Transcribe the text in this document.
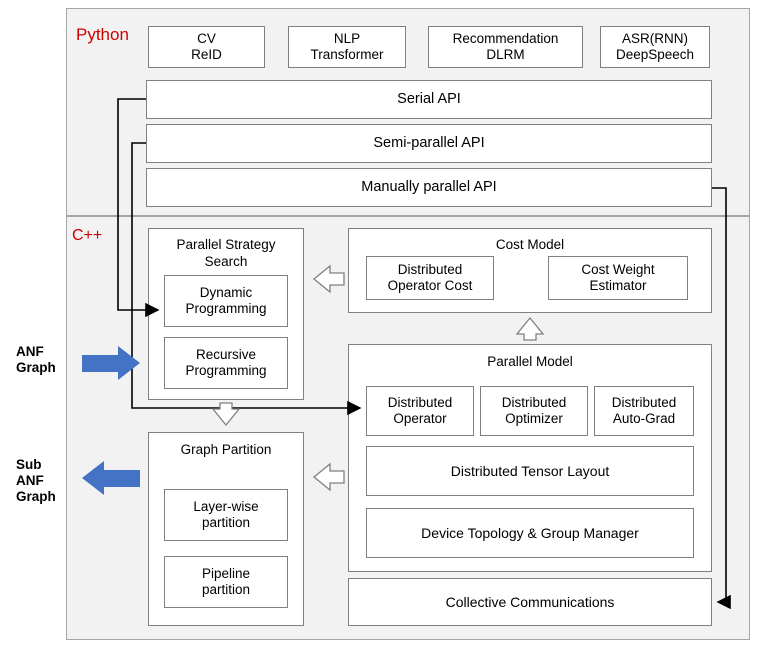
Python	CV
ReID
NLP
Transformer
Recommendation
DLRM
ASR(RNN)
DeepSpeech
Serial API
Semi-parallel API
Manually parallel API
C++
Parallel Strategy
Search
Dynamic
Programming
Recursive
Programming
Graph Partition
Layer-wise
partition
Pipeline
partition
Cost Model
Distributed
Operator Cost
Cost Weight
Estimator
Parallel Model
Distributed
Operator
Distributed
Optimizer
Distributed
Auto-Grad
Distributed Tensor Layout
Device Topology & Group Manager
Collective Communications
ANF
Graph
Sub
ANF
Graph
